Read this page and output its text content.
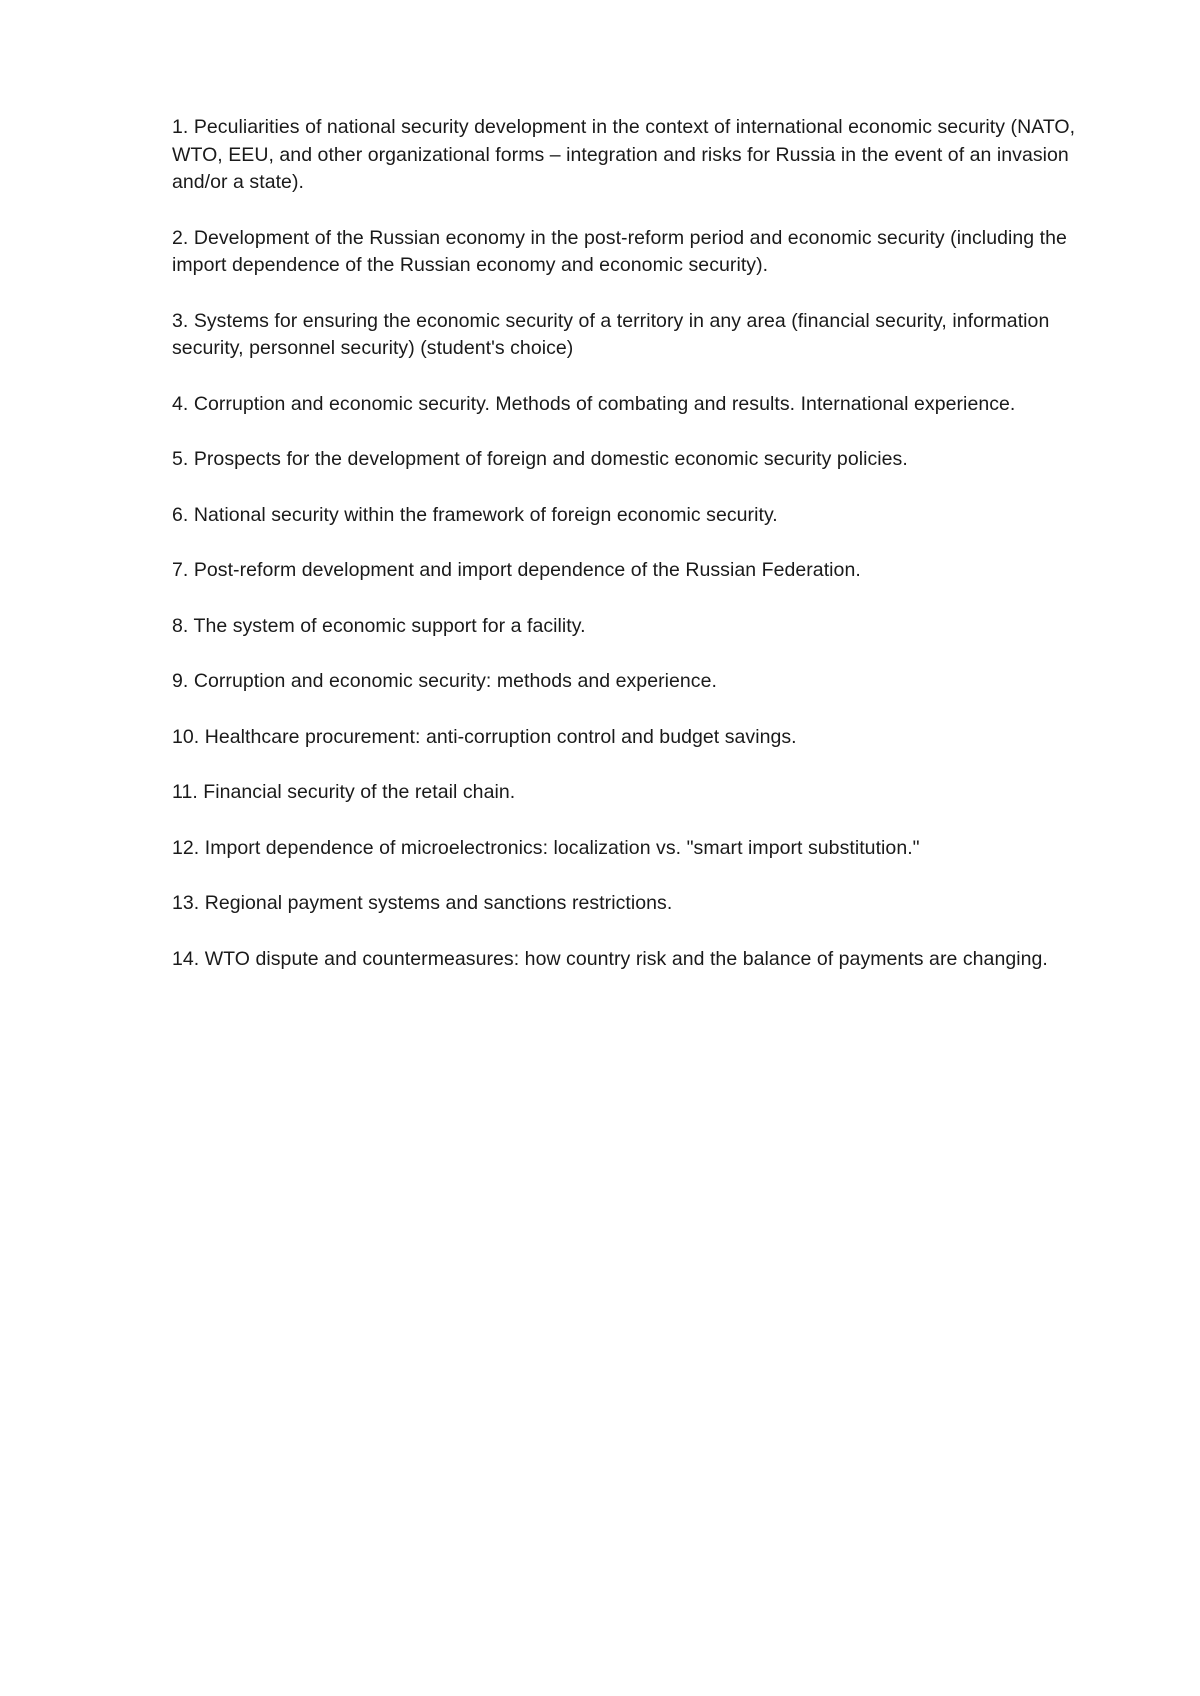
1. Peculiarities of national security development in the context of international economic security (NATO, WTO, EEU, and other organizational forms – integration and risks for Russia in the event of an invasion and/or a state).
2. Development of the Russian economy in the post-reform period and economic security (including the import dependence of the Russian economy and economic security).
3. Systems for ensuring the economic security of a territory in any area (financial security, information security, personnel security) (student's choice)
4. Corruption and economic security. Methods of combating and results. International experience.
5. Prospects for the development of foreign and domestic economic security policies.
6. National security within the framework of foreign economic security.
7. Post-reform development and import dependence of the Russian Federation.
8. The system of economic support for a facility.
9. Corruption and economic security: methods and experience.
10. Healthcare procurement: anti-corruption control and budget savings.
11. Financial security of the retail chain.
12. Import dependence of microelectronics: localization vs. "smart import substitution."
13. Regional payment systems and sanctions restrictions.
14. WTO dispute and countermeasures: how country risk and the balance of payments are changing.
